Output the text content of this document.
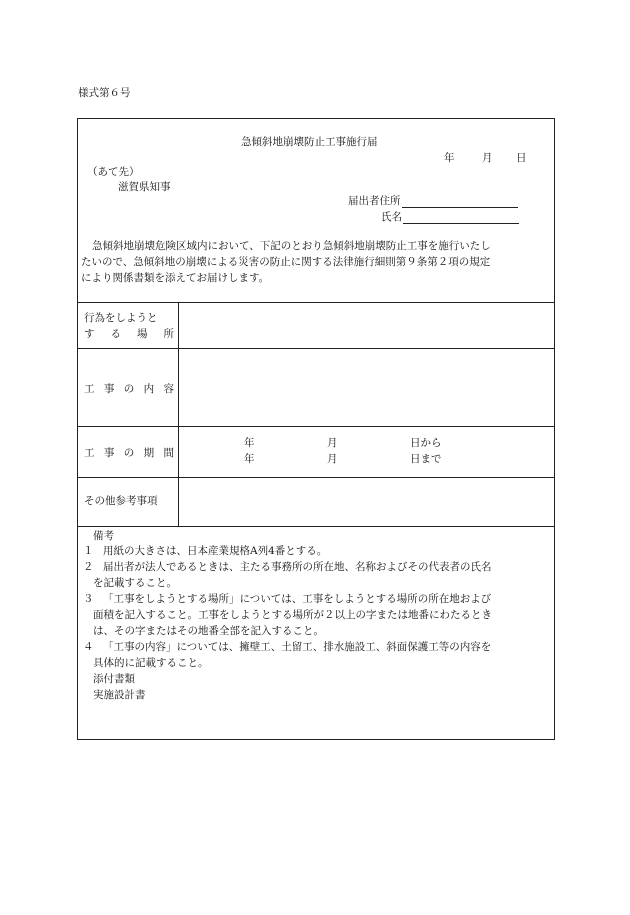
様式第６号
急傾斜地崩壊防止工事施行届
年	月 日
（あて先）
滋賀県知事
届出者住所
氏名
急傾斜地崩壊危険区域内において、下記のとおり急傾斜地崩壊防止工事を施行いたし
たいので、急傾斜地の崩壊による災害の防止に関する法律施行細則第９条第２項の規定
により関係書類を添えてお届けします。
行為をしようと
す る 場 所
工 事 の 内 容
工 事 の 期 間
年	月	日から
年	月	日まで
その他参考事項
備考
１ 用紙の大きさは、日本産業規格A列4番とする。
２ 届出者が法人であるときは、主たる事務所の所在地、名称およびその代表者の氏名
を記載すること。
３ 「工事をしようとする場所」については、工事をしようとする場所の所在地および
面積を記入すること。工事をしようとする場所が２以上の字または地番にわたるとき
は、その字またはその地番全部を記入すること。
４ 「工事の内容」については、擁壁工、土留工、排水施設工、斜面保護工等の内容を
具体的に記載すること。
添付書類
実施設計書
